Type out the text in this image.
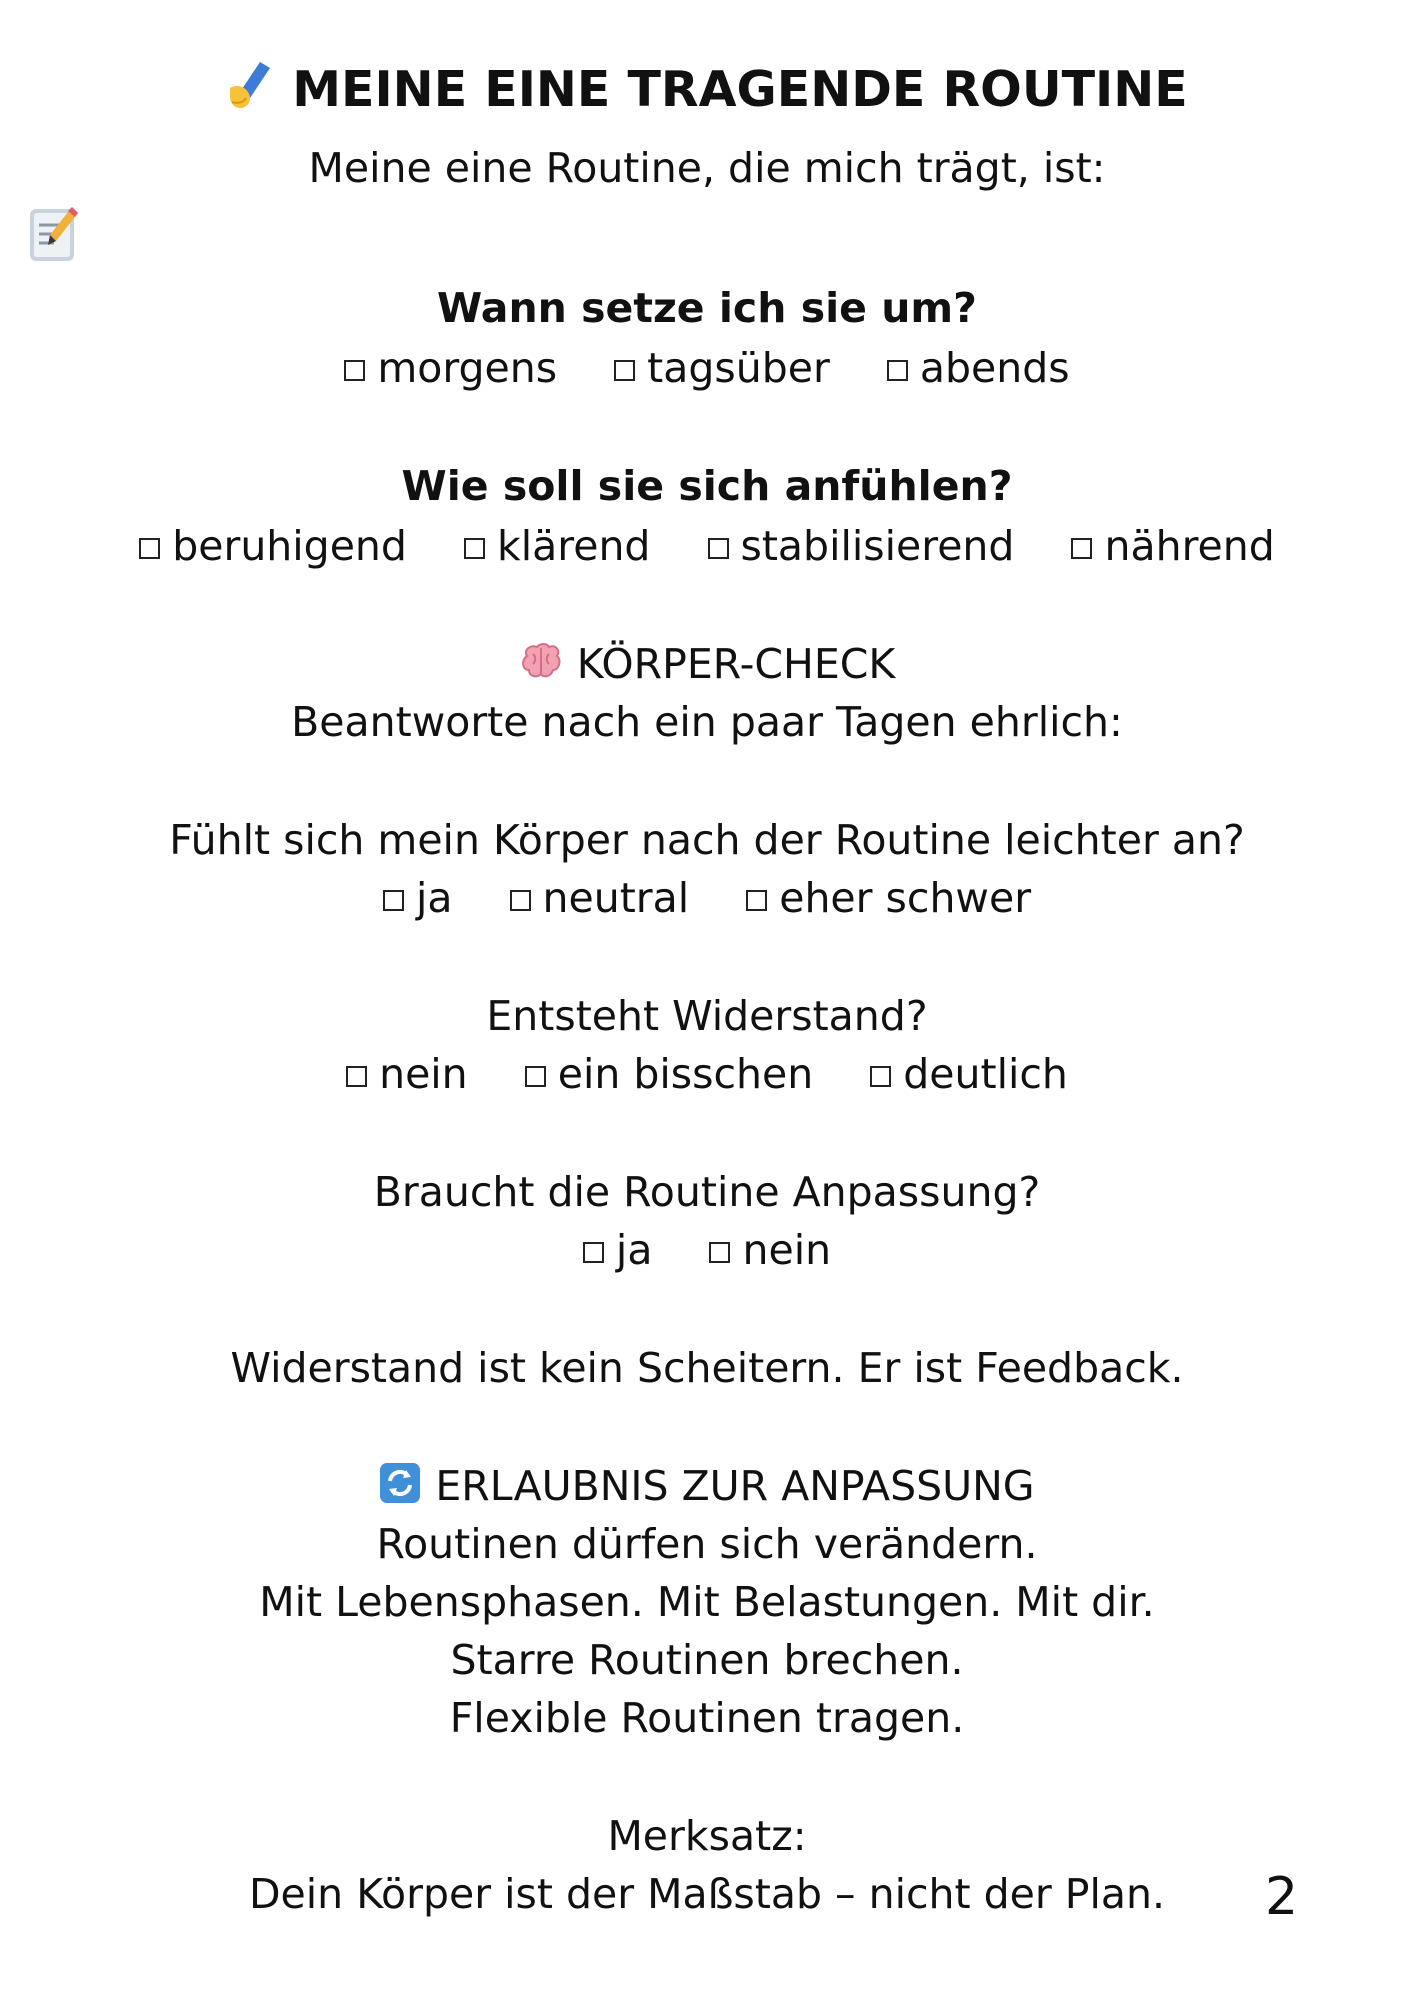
MEINE EINE TRAGENDE ROUTINE
Meine eine Routine, die mich trägt, ist:
Wann setze ich sie um?
morgens tagsüber abends
Wie soll sie sich anfühlen?
beruhigend klärend stabilisierend nährend
KÖRPER-CHECK
Beantworte nach ein paar Tagen ehrlich:
Fühlt sich mein Körper nach der Routine leichter an?
ja neutral eher schwer
Entsteht Widerstand?
nein ein bisschen deutlich
Braucht die Routine Anpassung?
ja nein
Widerstand ist kein Scheitern. Er ist Feedback.
ERLAUBNIS ZUR ANPASSUNG
Routinen dürfen sich verändern.
Mit Lebensphasen. Mit Belastungen. Mit dir.
Starre Routinen brechen.
Flexible Routinen tragen.
Merksatz:
Dein Körper ist der Maßstab – nicht der Plan.	2
